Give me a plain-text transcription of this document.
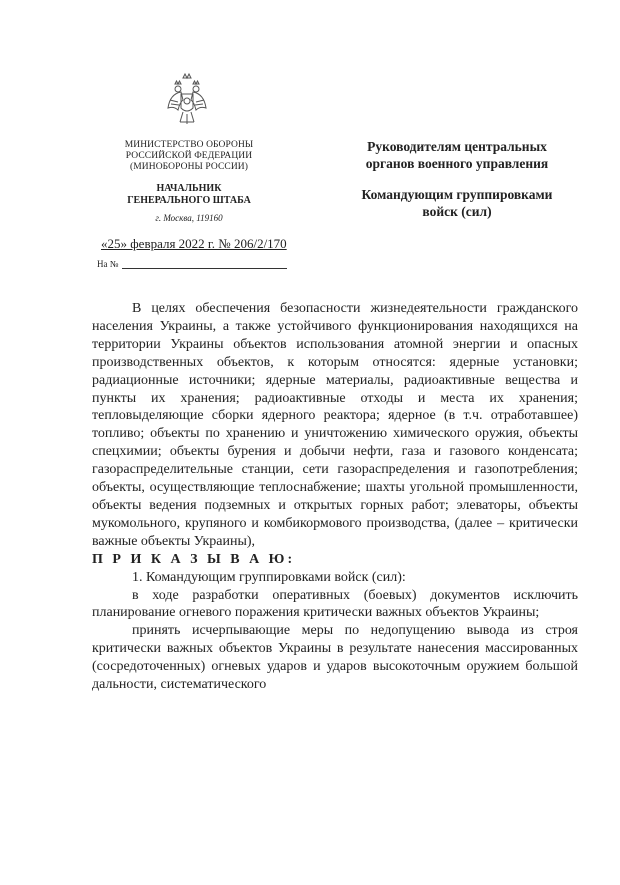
МИНИСТЕРСТВО ОБОРОНЫ
РОССИЙСКОЙ ФЕДЕРАЦИИ
(МИНОБОРОНЫ РОССИИ)
НАЧАЛЬНИК
ГЕНЕРАЛЬНОГО ШТАБА
г. Москва, 119160
«25» февраля 2022 г. № 206/2/170
На №
Руководителям центральных
органов военного управления
Командующим группировками
войск (сил)

В целях обеспечения безопасности жизнедеятельности гражданского населения Украины, а также устойчивого функционирования находящихся на территории Украины объектов использования атомной энергии и опасных производственных объектов, к которым относятся: ядерные установки; радиационные источники; ядерные материалы, радиоактивные вещества и пункты их хранения; радиоактивные отходы и места их хранения; тепловыделяющие сборки ядерного реактора; ядерное (в т.ч. отработавшее) топливо; объекты по хранению и уничтожению химического оружия, объекты спецхимии; объекты бурения и добычи нефти, газа и газового конденсата; газораспределительные станции, сети газораспределения и газопотребления; объекты, осуществляющие теплоснабжение; шахты угольной промышленности, объекты ведения подземных и открытых горных работ; элеваторы, объекты мукомольного, крупяного и комбикормового производства, (далее – критически важные объекты Украины),

П Р И К А З Ы В А Ю:

1. Командующим группировками войск (сил):

в ходе разработки оперативных (боевых) документов исключить планирование огневого поражения критически важных объектов Украины;

принять исчерпывающие меры по недопущению вывода из строя критически важных объектов Украины в результате нанесения массированных (сосредоточенных) огневых ударов и ударов высокоточным оружием большой дальности, систематического
